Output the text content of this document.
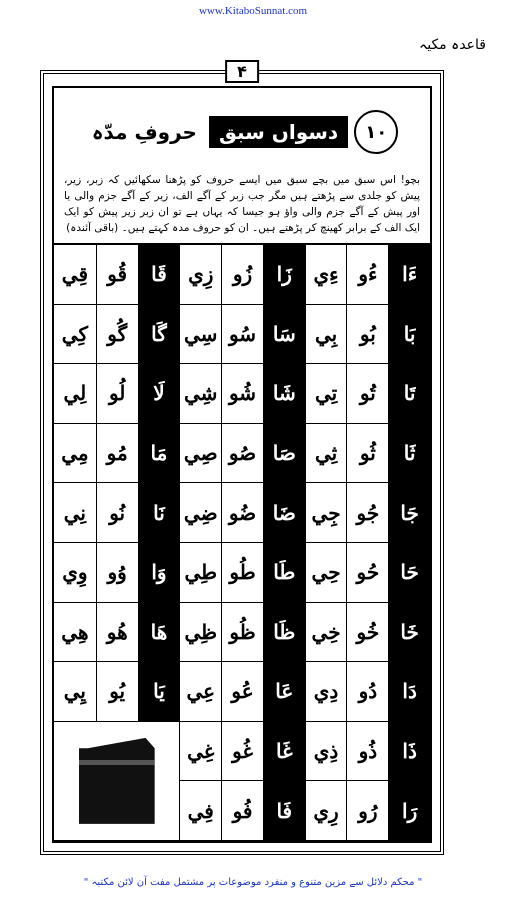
www.KitaboSunnat.com
قاعدہ مکیہ
۴
۱۰
دسواں سبق
حروفِ مدّہ
بچو! اس سبق میں بچے سبق میں ایسے حروف کو پڑھنا سکھائیں کہ زبر، زیر، پیش کو جلدی سے پڑھتے ہیں مگر جب زبر کے آگے الف، زیر کے آگے جزم والی یا اور پیش کے آگے جزم والی واؤ ہو جیسا کہ یہاں ہے تو ان زبر زیر پیش کو ایک ایک الف کے برابر کھینچ کر پڑھتے ہیں۔ ان کو حروف مدہ کہتے ہیں۔ (باقی آئندہ)
ءَا
ءُو
ءِي
زَا
زُو
زِي
قَا
قُو
قِي
بَا
بُو
بِي
سَا
سُو
سِي
گَا
گُو
کِي
تَا
تُو
تِي
شَا
شُو
شِي
لَا
لُو
لِي
ثَا
ثُو
ثِي
صَا
صُو
صِي
مَا
مُو
مِي
جَا
جُو
جِي
ضَا
ضُو
ضِي
نَا
نُو
نِي
حَا
حُو
حِي
طَا
طُو
طِي
وَا
وُو
وِي
خَا
خُو
خِي
ظَا
ظُو
ظِي
هَا
هُو
هِي
دَا
دُو
دِي
عَا
عُو
عِي
يَا
يُو
يِي
ذَا
ذُو
ذِي
غَا
غُو
غِي
رَا
رُو
رِي
فَا
فُو
فِي
" محکم دلائل سے مزین متنوع و منفرد موضوعات پر مشتمل مفت آن لائن مکتبہ "
